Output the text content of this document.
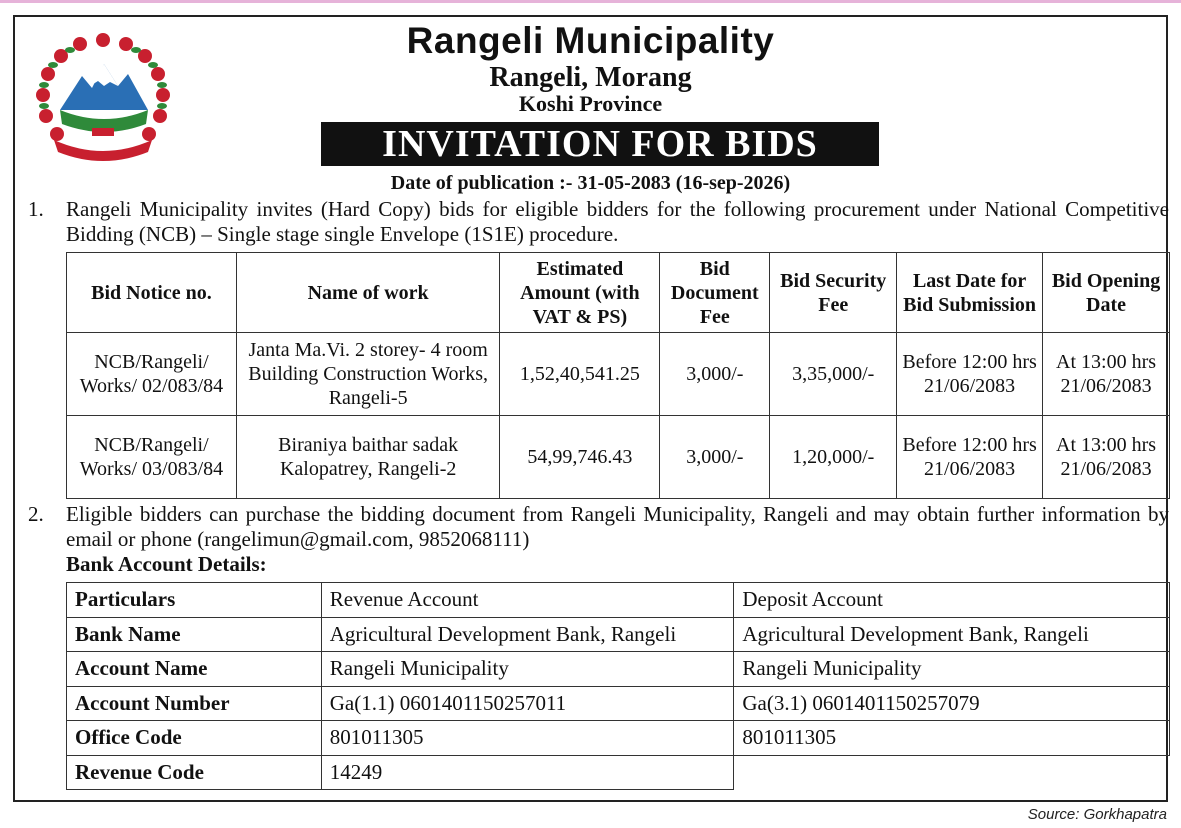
Rangeli Municipality
Rangeli, Morang
Koshi Province
INVITATION FOR BIDS
Date of publication :- 31-05-2083 (16-sep-2026)
1. Rangeli Municipality invites (Hard Copy) bids for eligible bidders for the following procurement under National Competitive Bidding (NCB) – Single stage single Envelope (1S1E) procedure.
Bid Notice no.	Name of work	Estimated Amount (with VAT & PS)	Bid Document Fee	Bid Security Fee	Last Date for Bid Submission	Bid Opening Date
NCB/Rangeli/ Works/ 02/083/84	Janta Ma.Vi. 2 storey- 4 room Building Construction Works, Rangeli-5	1,52,40,541.25	3,000/-	3,35,000/-	Before 12:00 hrs 21/06/2083	At 13:00 hrs 21/06/2083
NCB/Rangeli/ Works/ 03/083/84	Biraniya baithar sadak Kalopatrey, Rangeli-2	54,99,746.43	3,000/-	1,20,000/-	Before 12:00 hrs 21/06/2083	At 13:00 hrs 21/06/2083
2. Eligible bidders can purchase the bidding document from Rangeli Municipality, Rangeli and may obtain further information by email or phone (rangelimun@gmail.com, 9852068111)
Bank Account Details:
Particulars	Revenue Account	Deposit Account
Bank Name	Agricultural Development Bank, Rangeli	Agricultural Development Bank, Rangeli
Account Name	Rangeli Municipality	Rangeli Municipality
Account Number	Ga(1.1) 0601401150257011	Ga(3.1) 0601401150257079
Office Code	801011305	801011305
Revenue Code	14249	
Source: Gorkhapatra
